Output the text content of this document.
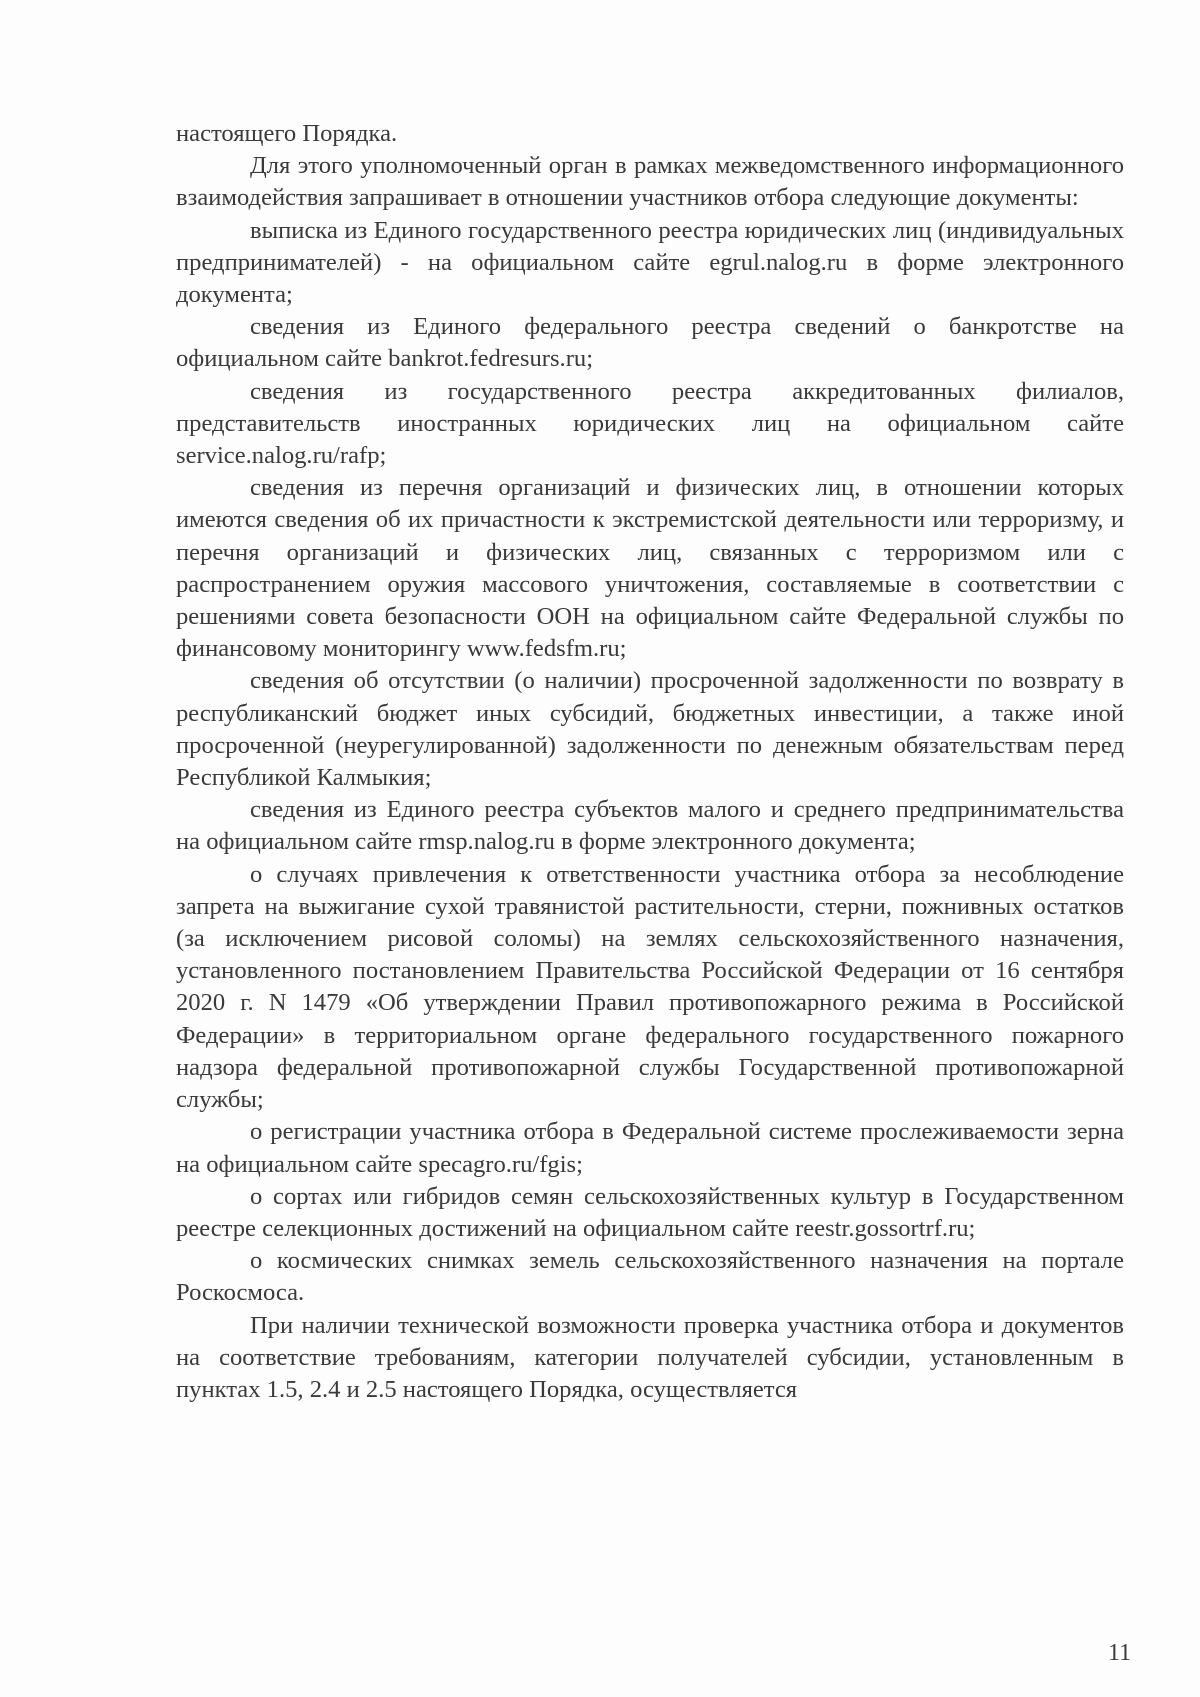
настоящего Порядка.

Для этого уполномоченный орган в рамках межведомственного информационного взаимодействия запрашивает в отношении участников отбора следующие документы:

выписка из Единого государственного реестра юридических лиц (индивидуальных предпринимателей) - на официальном сайте egrul.nalog.ru в форме электронного документа;

сведения из Единого федерального реестра сведений о банкротстве на официальном сайте bankrot.fedresurs.ru;

сведения из государственного реестра аккредитованных филиалов, представительств иностранных юридических лиц на официальном сайте service.nalog.ru/rafp;

сведения из перечня организаций и физических лиц, в отношении которых имеются сведения об их причастности к экстремистской деятельности или терроризму, и перечня организаций и физических лиц, связанных с терроризмом или с распространением оружия массового уничтожения, составляемые в соответствии с решениями совета безопасности ООН на официальном сайте Федеральной службы по финансовому мониторингу www.fedsfm.ru;

сведения об отсутствии (о наличии) просроченной задолженности по возврату в республиканский бюджет иных субсидий, бюджетных инвестиции, а также иной просроченной (неурегулированной) задолженности по денежным обязательствам перед Республикой Калмыкия;

сведения из Единого реестра субъектов малого и среднего предпринимательства на официальном сайте rmsp.nalog.ru в форме электронного документа;

о случаях привлечения к ответственности участника отбора за несоблюдение запрета на выжигание сухой травянистой растительности, стерни, пожнивных остатков (за исключением рисовой соломы) на землях сельскохозяйственного назначения, установленного постановлением Правительства Российской Федерации от 16 сентября 2020 г. N 1479 «Об утверждении Правил противопожарного режима в Российской Федерации» в территориальном органе федерального государственного пожарного надзора федеральной противопожарной службы Государственной противопожарной службы;

о регистрации участника отбора в Федеральной системе прослеживаемости зерна на официальном сайте specagro.ru/fgis;

о сортах или гибридов семян сельскохозяйственных культур в Государственном реестре селекционных достижений на официальном сайте reestr.gossortrf.ru;

о космических снимках земель сельскохозяйственного назначения на портале Роскосмоса.

При наличии технической возможности проверка участника отбора и документов на соответствие требованиям, категории получателей субсидии, установленным в пунктах 1.5, 2.4 и 2.5 настоящего Порядка, осуществляется

11
